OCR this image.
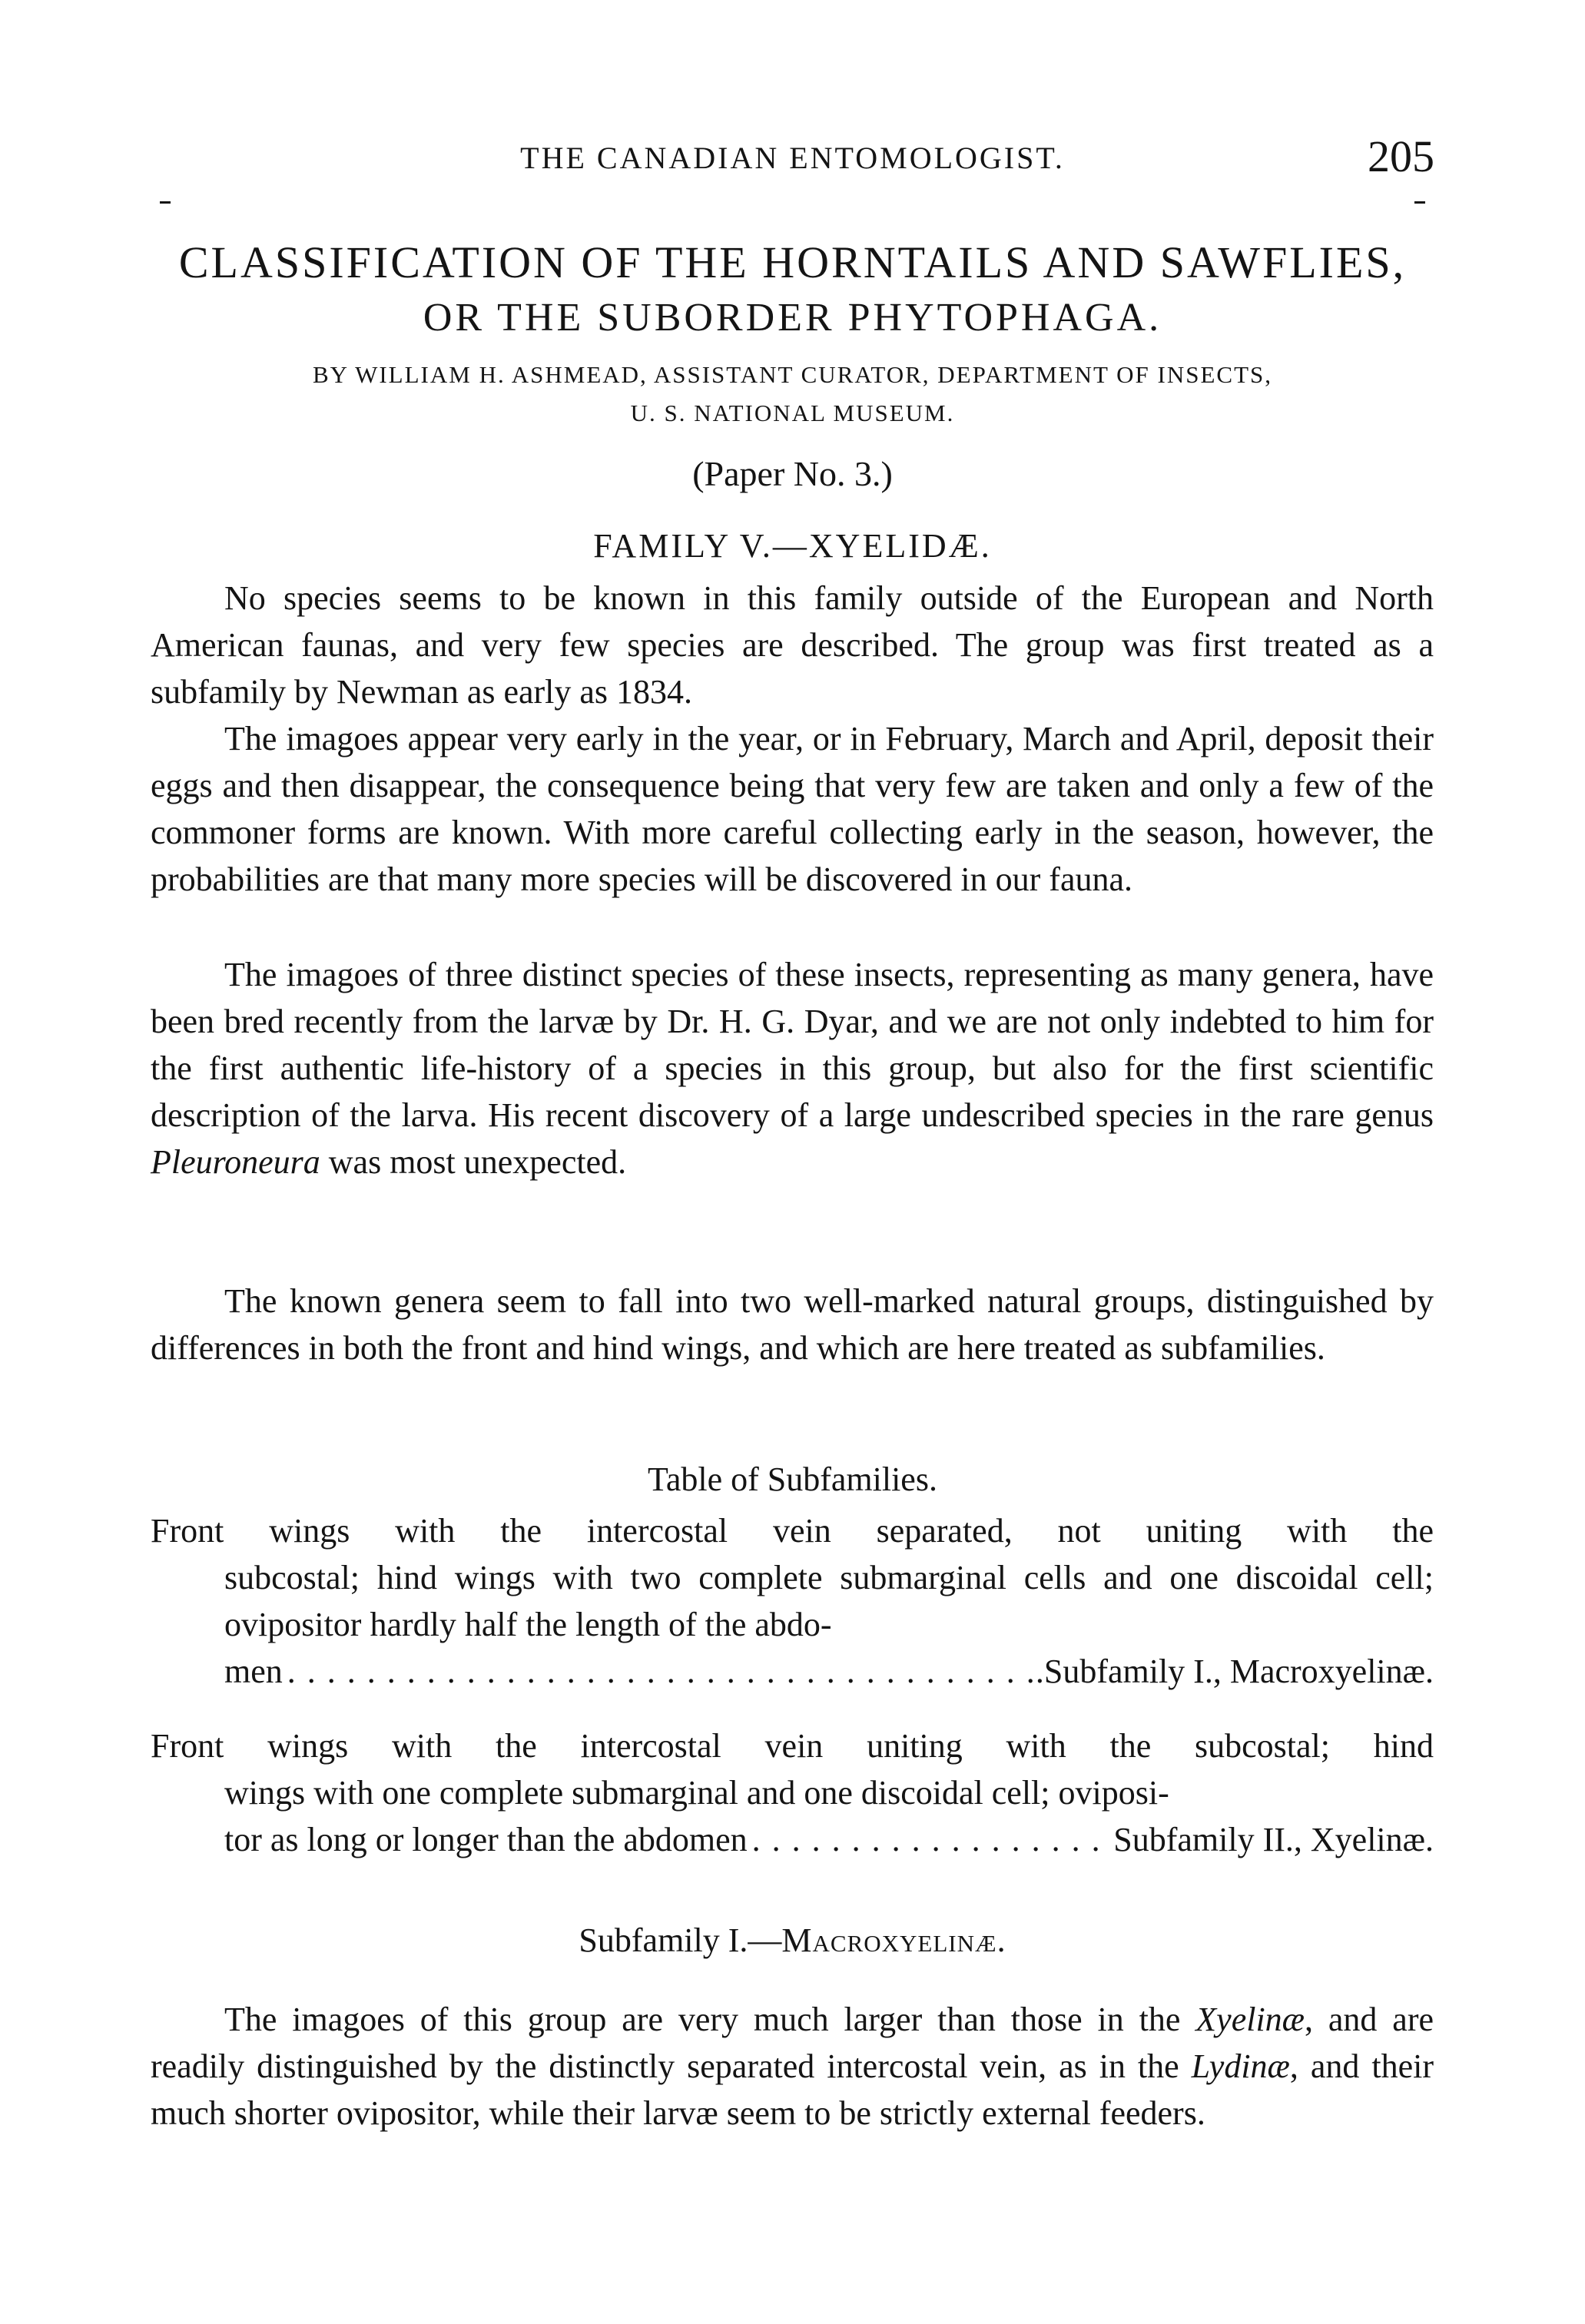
THE CANADIAN ENTOMOLOGIST.	205
CLASSIFICATION OF THE HORNTAILS AND SAWFLIES,
OR THE SUBORDER PHYTOPHAGA.
BY WILLIAM H. ASHMEAD, ASSISTANT CURATOR, DEPARTMENT OF INSECTS,
U. S. NATIONAL MUSEUM.
(Paper No. 3.)
FAMILY V.—XYELIDÆ.

No species seems to be known in this family outside of the European and North American faunas, and very few species are described. The group was first treated as a subfamily by Newman as early as 1834.

The imagoes appear very early in the year, or in February, March and April, deposit their eggs and then disappear, the consequence being that very few are taken and only a few of the commoner forms are known. With more careful collecting early in the season, however, the probabilities are that many more species will be discovered in our fauna.

The imagoes of three distinct species of these insects, representing as many genera, have been bred recently from the larvæ by Dr. H. G. Dyar, and we are not only indebted to him for the first authentic life-history of a species in this group, but also for the first scientific description of the larva. His recent discovery of a large undescribed species in the rare genus Pleuroneura was most unexpected.

The known genera seem to fall into two well-marked natural groups, distinguished by differences in both the front and hind wings, and which are here treated as subfamilies.

Table of Subfamilies.
Front wings with the intercostal vein separated, not uniting with the
subcostal; hind wings with two complete submarginal cells and one discoidal cell; ovipositor hardly half the length of the abdo-
men . . .	.Subfamily I., Macroxyelinæ.
Front wings with the intercostal vein uniting with the subcostal; hind
wings with one complete submarginal and one discoidal cell; oviposi-
tor as long or longer than the abdomen . . .	Subfamily II., Xyelinæ.
Subfamily I.—Macroxyelinæ.

The imagoes of this group are very much larger than those in the Xyelinæ, and are readily distinguished by the distinctly separated intercostal vein, as in the Lydinæ, and their much shorter ovipositor, while their larvæ seem to be strictly external feeders.
